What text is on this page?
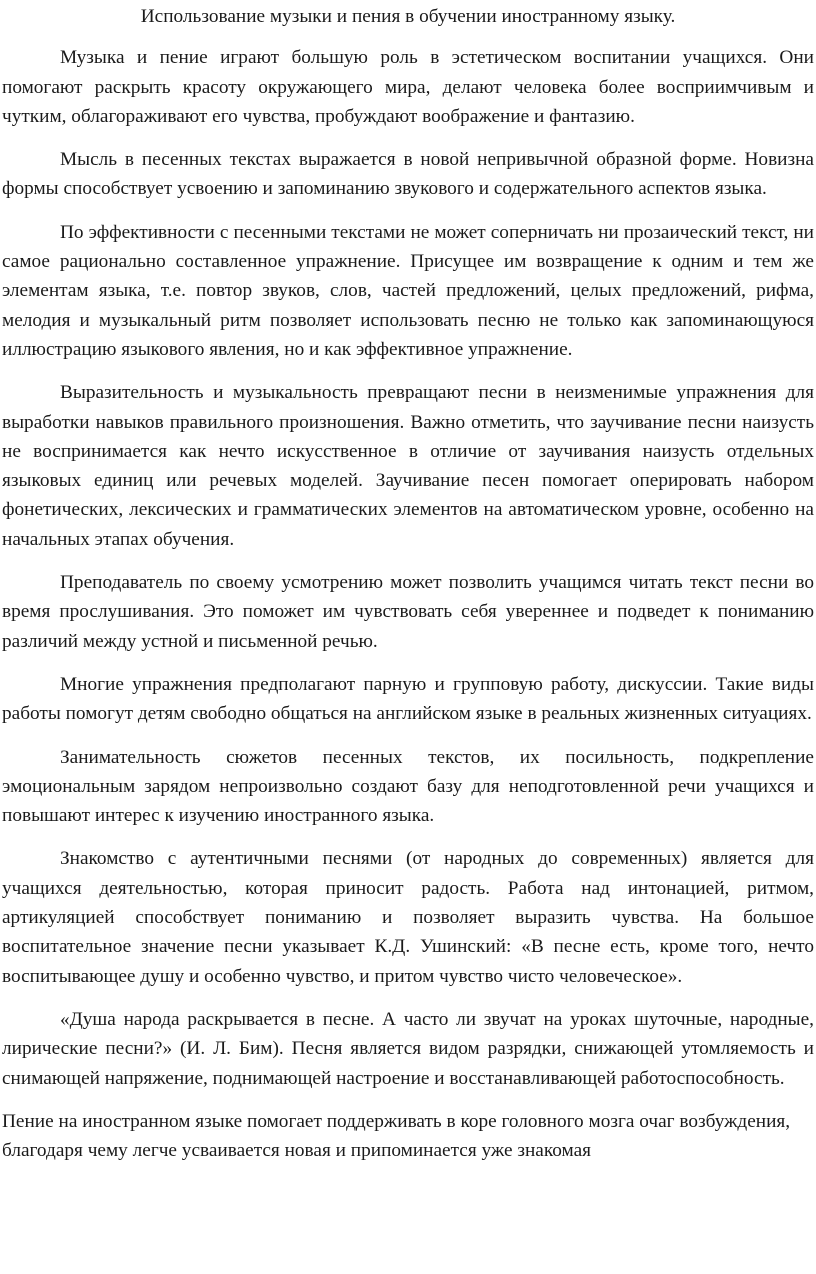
Использование музыки и пения в обучении иностранному языку.

Музыка и пение играют большую роль в эстетическом воспитании учащихся. Они помогают раскрыть красоту окружающего мира, делают человека более восприимчивым и чутким, облагораживают его чувства, пробуждают воображение и фантазию.

Мысль в песенных текстах выражается в новой непривычной образной форме. Новизна формы способствует усвоению и запоминанию звукового и содержательного аспектов языка.

По эффективности с песенными текстами не может соперничать ни прозаический текст, ни самое рационально составленное упражнение. Присущее им возвращение к одним и тем же элементам языка, т.е. повтор звуков, слов, частей предложений, целых предложений, рифма, мелодия и музыкальный ритм позволяет использовать песню не только как запоминающуюся иллюстрацию языкового явления, но и как эффективное упражнение.

Выразительность и музыкальность превращают песни в неизменимые упражнения для выработки навыков правильного произношения. Важно отметить, что заучивание песни наизусть не воспринимается как нечто искусственное в отличие от заучивания наизусть отдельных языковых единиц или речевых моделей. Заучивание песен помогает оперировать набором фонетических, лексических и грамматических элементов на автоматическом уровне, особенно на начальных этапах обучения.

Преподаватель по своему усмотрению может позволить учащимся читать текст песни во время прослушивания. Это поможет им чувствовать себя увереннее и подведет к пониманию различий между устной и письменной речью.

Многие упражнения предполагают парную и групповую работу, дискуссии. Такие виды работы помогут детям свободно общаться на английском языке в реальных жизненных ситуациях.

Занимательность сюжетов песенных текстов, их посильность, подкрепление эмоциональным зарядом непроизвольно создают базу для неподготовленной речи учащихся и повышают интерес к изучению иностранного языка.

Знакомство с аутентичными песнями (от народных до современных) является для учащихся деятельностью, которая приносит радость. Работа над интонацией, ритмом, артикуляцией способствует пониманию и позволяет выразить чувства. На большое воспитательное значение песни указывает К.Д. Ушинский: «В песне есть, кроме того, нечто воспитывающее душу и особенно чувство, и притом чувство чисто человеческое».

«Душа народа раскрывается в песне. А часто ли звучат на уроках шуточные, народные, лирические песни?» (И. Л. Бим). Песня является видом разрядки, снижающей утомляемость и снимающей напряжение, поднимающей настроение и восстанавливающей работоспособность.

Пение на иностранном языке помогает поддерживать в коре головного мозга очаг возбуждения, благодаря чему легче усваивается новая и припоминается уже знакомая
